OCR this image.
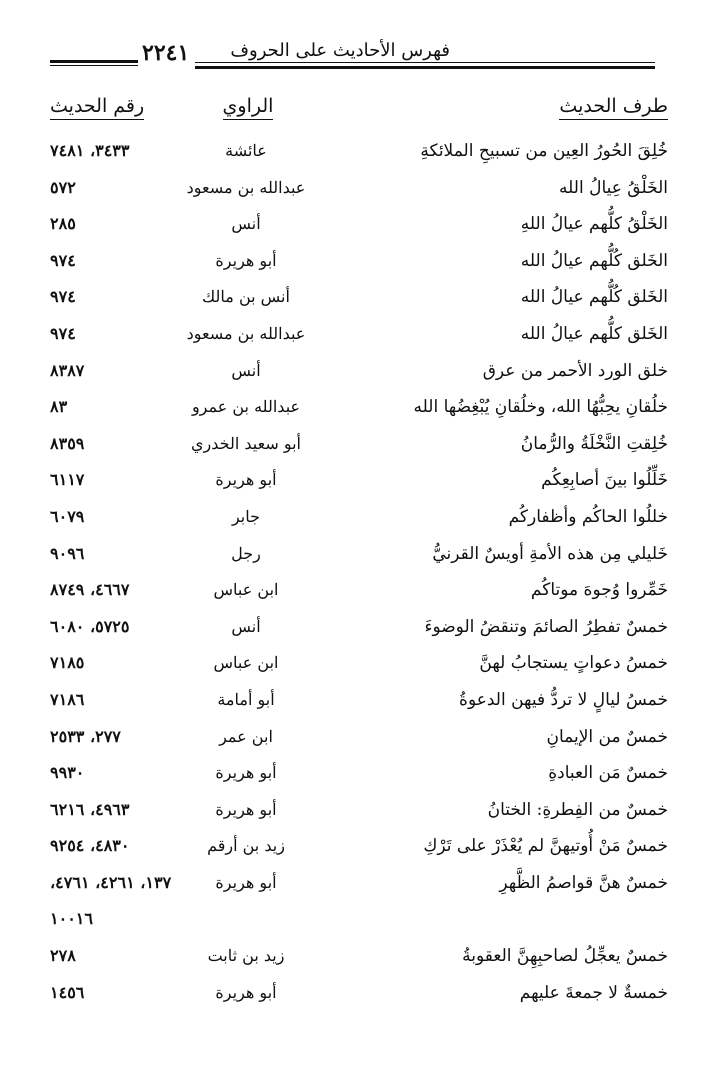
٢٢٤١ فهرس الأحاديث على الحروف
طرف الحديث
الراوي
رقم الحديث
خُلِقَ الحُورُ العِين من تسبيحِ الملائكةِ
عائشة
٣٤٣٣، ٧٤٨١
الخَلْقُ عِيالُ الله
عبدالله بن مسعود
٥٧٢
الخَلْقُ كلُّهم عيالُ اللهِ
أنس
٢٨٥
الخَلق كُلُّهم عيالُ الله
أبو هريرة
٩٧٤
الخَلق كُلُّهم عيالُ الله
أنس بن مالك
٩٧٤
الخَلق كلُّهم عيالُ الله
عبدالله بن مسعود
٩٧٤
خلق الورد الأحمر من عرق
أنس
٨٣٨٧
خلُقانِ يحِبُّهُا الله، وخلُقانِ يُبْغِضُها الله
عبدالله بن عمرو
٨٣
خُلِقتِ النَّخْلَةُ والرُّمانُ
أبو سعيد الخدري
٨٣٥٩
خَلِّلُوا بينَ أصابِعِكُم
أبو هريرة
٦١١٧
خللُوا الحاكُم وأظفاركُم
جابر
٦٠٧٩
خَليلي مِن هذه الأمةِ أويسٌ القرنيُّ
رجل
٩٠٩٦
خَمِّروا وُجوهَ موتاكُم
ابن عباس
٤٦٦٧، ٨٧٤٩
خمسٌ تفطِرُ الصائمَ وتنقضُ الوضوءَ
أنس
٥٧٢٥، ٦٠٨٠
خمسُ دعواتٍ يستجابُ لهنَّ
ابن عباس
٧١٨٥
خمسُ ليالٍ لا تردُّ فيهن الدعوةُ
أبو أمامة
٧١٨٦
خمسٌ من الإيمانِ
ابن عمر
٢٧٧، ٢٥٣٣
خمسٌ مَن العبادةِ
أبو هريرة
٩٩٣٠
خمسٌ من الفِطرةِ: الختانُ
أبو هريرة
٤٩٦٣، ٦٢١٦
خمسٌ مَنْ أُوتيهنَّ لم يُعْذَرْ على تَرْكِ
زيد بن أرقم
٤٨٣٠، ٩٢٥٤
خمسٌ هنَّ قواصمُ الظَّهرِ
أبو هريرة
١٣٧، ٤٢٦١، ٤٧٦١،
١٠٠١٦
خمسٌ يعجِّلُ لصاحبِهِنَّ العقوبةُ
زيد بن ثابت
٢٧٨
خمسةٌ لا جمعةَ عليهم
أبو هريرة
١٤٥٦
